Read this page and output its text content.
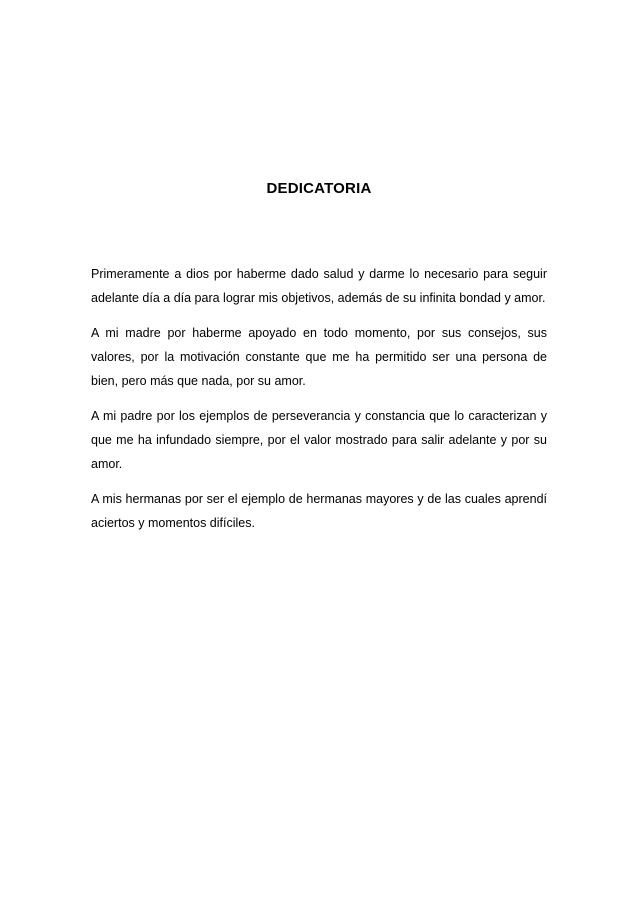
DEDICATORIA

Primeramente a dios por haberme dado salud y darme lo necesario para seguir adelante día a día para lograr mis objetivos, además de su infinita bondad y amor.

A mi madre por haberme apoyado en todo momento, por sus consejos, sus valores, por la motivación constante que me ha permitido ser una persona de bien, pero más que nada, por su amor.

A mi padre por los ejemplos de perseverancia y constancia que lo caracterizan y que me ha infundado siempre, por el valor mostrado para salir adelante y por su amor.

A mis hermanas por ser el ejemplo de hermanas mayores y de las cuales aprendí aciertos y momentos difíciles.
